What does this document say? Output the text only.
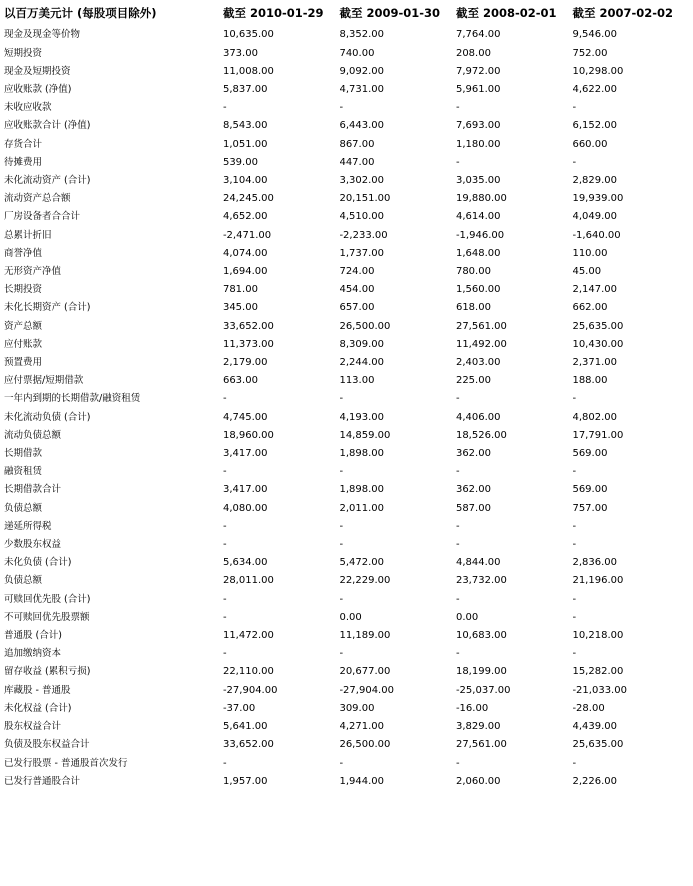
以百万美元计 (每股项目除外)	截至 2010-01-29	截至 2009-01-30	截至 2008-02-01	截至 2007-02-02
现金及现金等价物	10,635.00	8,352.00	7,764.00	9,546.00
短期投资	373.00	740.00	208.00	752.00
现金及短期投资	11,008.00	9,092.00	7,972.00	10,298.00
应收账款 (净值)	5,837.00	4,731.00	5,961.00	4,622.00
未收应收款	-	-	-	-
应收账款合计 (净值)	8,543.00	6,443.00	7,693.00	6,152.00
存货合计	1,051.00	867.00	1,180.00	660.00
待摊费用	539.00	447.00	-	-
未化流动资产 (合计)	3,104.00	3,302.00	3,035.00	2,829.00
流动资产总合额	24,245.00	20,151.00	19,880.00	19,939.00
厂房设备者合合计	4,652.00	4,510.00	4,614.00	4,049.00
总累计折旧	-2,471.00	-2,233.00	-1,946.00	-1,640.00
商誉净值	4,074.00	1,737.00	1,648.00	110.00
无形资产净值	1,694.00	724.00	780.00	45.00
长期投资	781.00	454.00	1,560.00	2,147.00
未化长期资产 (合计)	345.00	657.00	618.00	662.00
资产总额	33,652.00	26,500.00	27,561.00	25,635.00
应付账款	11,373.00	8,309.00	11,492.00	10,430.00
预置费用	2,179.00	2,244.00	2,403.00	2,371.00
应付票据/短期借款	663.00	113.00	225.00	188.00
一年内到期的长期借款/融资租赁	-	-	-	-
未化流动负债 (合计)	4,745.00	4,193.00	4,406.00	4,802.00
流动负债总额	18,960.00	14,859.00	18,526.00	17,791.00
长期借款	3,417.00	1,898.00	362.00	569.00
融资租赁	-	-	-	-
长期借款合计	3,417.00	1,898.00	362.00	569.00
负债总额	4,080.00	2,011.00	587.00	757.00
递延所得税	-	-	-	-
少数股东权益	-	-	-	-
未化负债 (合计)	5,634.00	5,472.00	4,844.00	2,836.00
负债总额	28,011.00	22,229.00	23,732.00	21,196.00
可赎回优先股 (合计)	-	-	-	-
不可赎回优先股票额	-	0.00	0.00	-
普通股 (合计)	11,472.00	11,189.00	10,683.00	10,218.00
追加缴纳资本	-	-	-	-
留存收益 (累积亏损)	22,110.00	20,677.00	18,199.00	15,282.00
库藏股 - 普通股	-27,904.00	-27,904.00	-25,037.00	-21,033.00
未化权益 (合计)	-37.00	309.00	-16.00	-28.00
股东权益合计	5,641.00	4,271.00	3,829.00	4,439.00
负债及股东权益合计	33,652.00	26,500.00	27,561.00	25,635.00
已发行股票 - 普通股首次发行	-	-	-	-
已发行普通股合计	1,957.00	1,944.00	2,060.00	2,226.00
